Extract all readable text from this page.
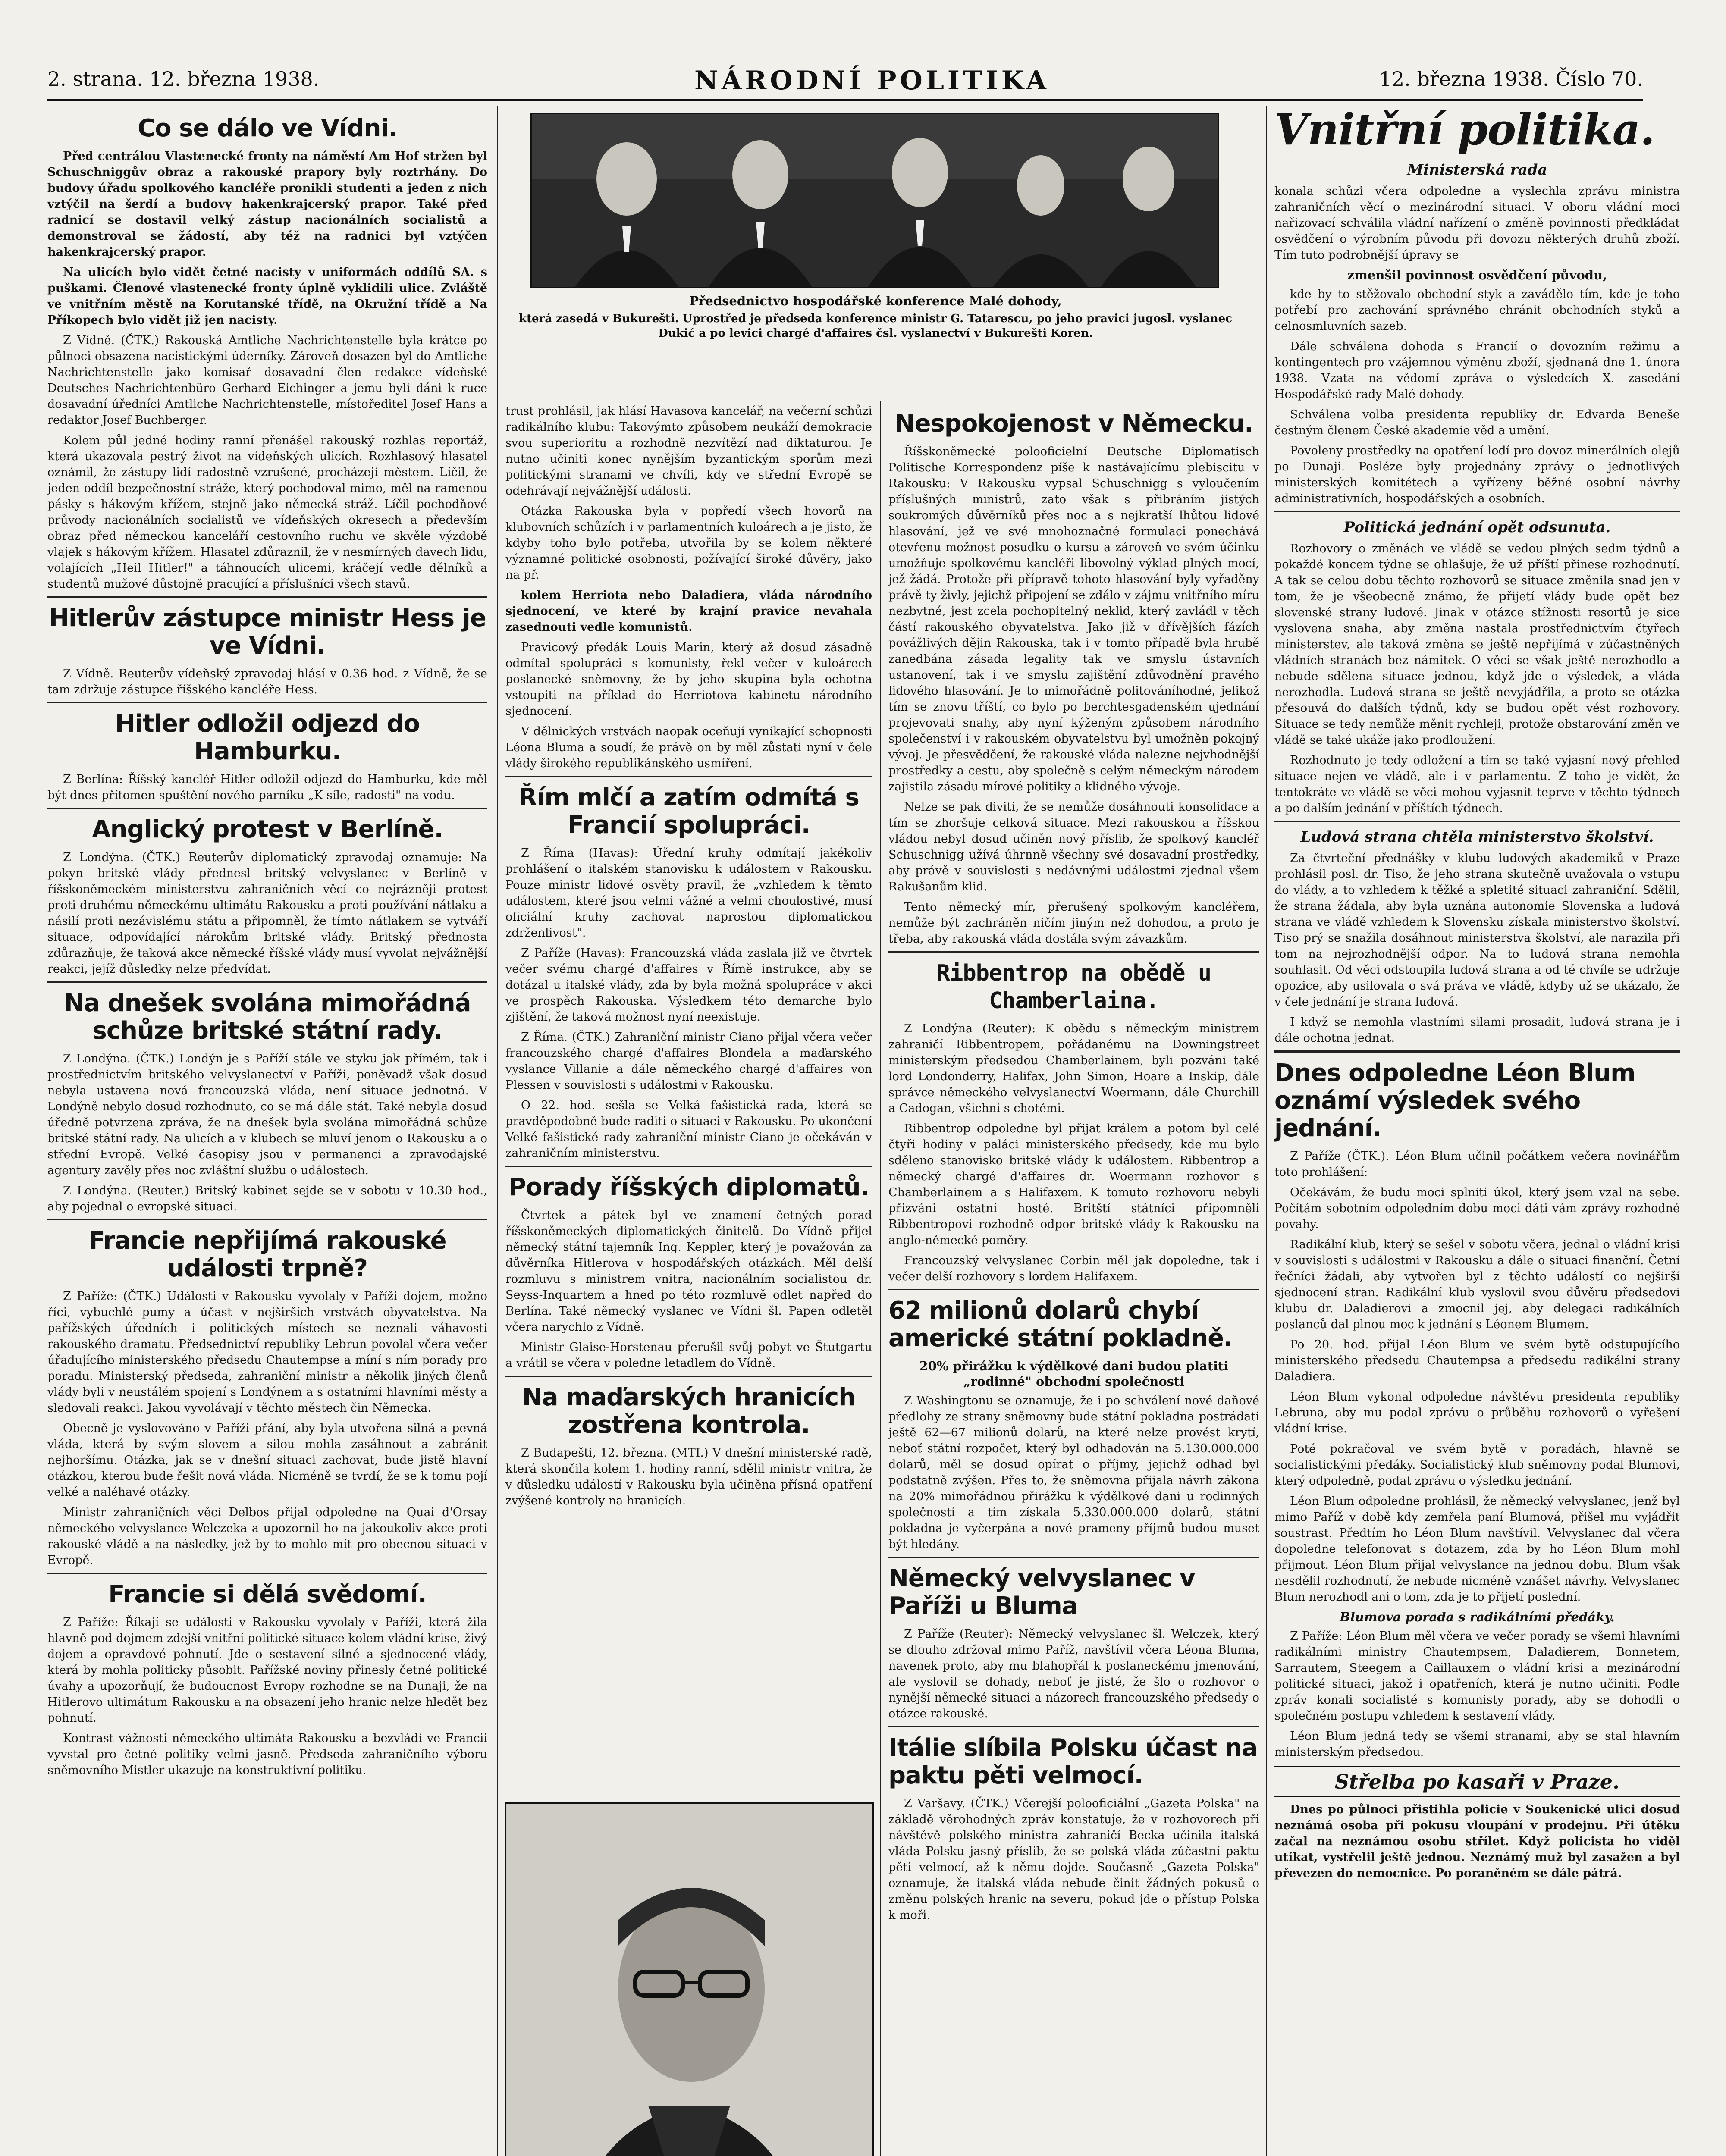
2. strana. 12. března 1938.	NÁRODNÍ POLITIKA	12. března 1938. Číslo 70.
Co se dálo ve Vídni.

Před centrálou Vlastenecké fronty na náměstí Am Hof stržen byl Schuschniggův obraz a rakouské prapory byly roztrhány. Do budovy úřadu spolkového kancléře pronikli studenti a jeden z nich vztýčil na šerdí a budovy hakenkrajcerský prapor. Také před radnicí se dostavil velký zástup nacionálních socialistů a demonstroval se žádostí, aby též na radnici byl vztýčen hakenkrajcerský prapor.

Na ulicích bylo vidět četné nacisty v uniformách oddílů SA. s puškami. Členové vlastenecké fronty úplně vyklidili ulice. Zvláště ve vnitřním městě na Korutanské třídě, na Okružní třídě a Na Příkopech bylo vidět již jen nacisty.

Z Vídně. (ČTK.) Rakouská Amtliche Nachrichtenstelle byla krátce po půlnoci obsazena nacistickými úderníky. Zároveň dosazen byl do Amtliche Nachrichtenstelle jako komisař dosavadní člen redakce vídeňské Deutsches Nachrichtenbüro Gerhard Eichinger a jemu byli dáni k ruce dosavadní úředníci Amtliche Nachrichtenstelle, místoředitel Josef Hans a redaktor Josef Buchberger.

Kolem půl jedné hodiny ranní přenášel rakouský rozhlas reportáž, která ukazovala pestrý život na vídeňských ulicích. Rozhlasový hlasatel oznámil, že zástupy lidí radostně vzrušené, procházejí městem. Líčil, že jeden oddíl bezpečnostní stráže, který pochodoval mimo, měl na ramenou pásky s hákovým křížem, stejně jako německá stráž. Líčil pochodňové průvody nacionálních socialistů ve vídeňských okresech a především obraz před německou kanceláří cestovního ruchu ve skvěle výzdobě vlajek s hákovým křížem. Hlasatel zdůraznil, že v nesmírných davech lidu, volajících „Heil Hitler!" a táhnoucích ulicemi, kráčejí vedle dělníků a studentů mužové důstojně pracující a příslušníci všech stavů.

Hitlerův zástupce ministr Hess je ve Vídni.

Z Vídně. Reuterův vídeňský zpravodaj hlásí v 0.36 hod. z Vídně, že se tam zdržuje zástupce říšského kancléře Hess.

Hitler odložil odjezd do Hamburku.

Z Berlína: Říšský kancléř Hitler odložil odjezd do Hamburku, kde měl být dnes přítomen spuštění nového parníku „K síle, radosti" na vodu.

Anglický protest v Berlíně.

Z Londýna. (ČTK.) Reuterův diplomatický zpravodaj oznamuje: Na pokyn britské vlády přednesl britský velvyslanec v Berlíně v říšskoněmeckém ministerstvu zahraničních věcí co nejrázněji protest proti druhému německému ultimátu Rakousku a proti používání nátlaku a násilí proti nezávislému státu a připomněl, že tímto nátlakem se vytváří situace, odpovídající nárokům britské vlády. Britský přednosta zdůrazňuje, že taková akce německé říšské vlády musí vyvolat nejvážnější reakci, jejíž důsledky nelze předvídat.

Na dnešek svolána mimořádná schůze britské státní rady.

Z Londýna. (ČTK.) Londýn je s Paříží stále ve styku jak přímém, tak i prostřednictvím britského velvyslanectví v Paříži, poněvadž však dosud nebyla ustavena nová francouzská vláda, není situace jednotná. V Londýně nebylo dosud rozhodnuto, co se má dále stát. Také nebyla dosud úředně potvrzena zpráva, že na dnešek byla svolána mimořádná schůze britské státní rady. Na ulicích a v klubech se mluví jenom o Rakousku a o střední Evropě. Velké časopisy jsou v permanenci a zpravodajské agentury zavěly přes noc zvláštní službu o událostech.

Z Londýna. (Reuter.) Britský kabinet sejde se v sobotu v 10.30 hod., aby pojednal o evropské situaci.

Francie nepřijímá rakouské události trpně?

Z Paříže: (ČTK.) Události v Rakousku vyvolaly v Paříži dojem, možno říci, vybuchlé pumy a účast v nejširších vrstvách obyvatelstva. Na pařížských úředních i politických místech se neznali váhavosti rakouského dramatu. Předsednictví republiky Lebrun povolal včera večer úřadujícího ministerského předsedu Chautempse a míní s ním porady pro poradu. Ministerský předseda, zahraniční ministr a několik jiných členů vlády byli v neustálém spojení s Londýnem a s ostatními hlavními městy a sledovali reakci. Jakou vyvolávají v těchto městech čin Německa.

Obecně je vyslovováno v Paříži přání, aby byla utvořena silná a pevná vláda, která by svým slovem a silou mohla zasáhnout a zabránit nejhoršímu. Otázka, jak se v dnešní situaci zachovat, bude jistě hlavní otázkou, kterou bude řešit nová vláda. Nicméně se tvrdí, že se k tomu pojí velké a naléhavé otázky.

Ministr zahraničních věcí Delbos přijal odpoledne na Quai d'Orsay německého velvyslance Welczeka a upozornil ho na jakoukoliv akce proti rakouské vládě a na následky, jež by to mohlo mít pro obecnou situaci v Evropě.

Francie si dělá svědomí.

Z Paříže: Říkají se události v Rakousku vyvolaly v Paříži, která žila hlavně pod dojmem zdejší vnitřní politické situace kolem vládní krise, živý dojem a opravdové pohnutí. Jde o sestavení silné a sjednocené vlády, která by mohla politicky působit. Pařížské noviny přinesly četné politické úvahy a upozorňují, že budoucnost Evropy rozhodne se na Dunaji, že na Hitlerovo ultimátum Rakousku a na obsazení jeho hranic nelze hledět bez pohnutí.

Kontrast vážnosti německého ultimáta Rakousku a bezvládí ve Francii vyvstal pro četné politiky velmi jasně. Předseda zahraničního výboru sněmovního Mistler ukazuje na konstruktivní politiku.

Předsednictvo hospodářské konference Malé dohody,
která zasedá v Bukurešti. Uprostřed je předseda konference ministr G. Tatarescu, po jeho pravici jugosl. vyslanec Dukić a po levici chargé d'affaires čsl. vyslanectví v Bukurešti Koren.

trust prohlásil, jak hlásí Havasova kancelář, na večerní schůzi radikálního klubu: Takovýmto způsobem neukáží demokracie svou superioritu a rozhodně nezvítězí nad diktaturou. Je nutno učiniti konec nynějším byzantickým sporům mezi politickými stranami ve chvíli, kdy ve střední Evropě se odehrávají nejvážnější události.

Otázka Rakouska byla v popředí všech hovorů na klubovních schůzích i v parlamentních kuloárech a je jisto, že kdyby toho bylo potřeba, utvořila by se kolem některé významné politické osobnosti, požívající široké důvěry, jako na př.

kolem Herriota nebo Daladiera, vláda národního sjednocení, ve které by krajní pravice nevahala zasednouti vedle komunistů.

Pravicový předák Louis Marin, který až dosud zásadně odmítal spolupráci s komunisty, řekl večer v kuloárech poslanecké sněmovny, že by jeho skupina byla ochotna vstoupiti na příklad do Herriotova kabinetu národního sjednocení.

V dělnických vrstvách naopak oceňují vynikající schopnosti Léona Bluma a soudí, že právě on by měl zůstati nyní v čele vlády širokého republikánského usmíření.

Řím mlčí a zatím odmítá s Francií spolupráci.

Z Říma (Havas): Úřední kruhy odmítají jakékoliv prohlášení o italském stanovisku k událostem v Rakousku. Pouze ministr lidové osvěty pravil, že „vzhledem k těmto událostem, které jsou velmi vážné a velmi choulostivé, musí oficiální kruhy zachovat naprostou diplomatickou zdrženlivost".

Z Paříže (Havas): Francouzská vláda zaslala již ve čtvrtek večer svému chargé d'affaires v Římě instrukce, aby se dotázal u italské vlády, zda by byla možná spolupráce v akci ve prospěch Rakouska. Výsledkem této demarche bylo zjištění, že taková možnost nyní neexistuje.

Z Říma. (ČTK.) Zahraniční ministr Ciano přijal včera večer francouzského chargé d'affaires Blondela a maďarského vyslance Villanie a dále německého chargé d'affaires von Plessen v souvislosti s událostmi v Rakousku.

O 22. hod. sešla se Velká fašistická rada, která se pravděpodobně bude raditi o situaci v Rakousku. Po ukončení Velké fašistické rady zahraniční ministr Ciano je očekáván v zahraničním ministerstvu.

Porady říšských diplomatů.

Čtvrtek a pátek byl ve znamení četných porad říšskoněmeckých diplomatických činitelů. Do Vídně přijel německý státní tajemník Ing. Keppler, který je považován za důvěrníka Hitlerova v hospodářských otázkách. Měl delší rozmluvu s ministrem vnitra, nacionálním socialistou dr. Seyss-Inquartem a hned po této rozmluvě odlet napřed do Berlína. Také německý vyslanec ve Vídni šl. Papen odletěl včera narychlo z Vídně.

Ministr Glaise-Horstenau přerušil svůj pobyt ve Štutgartu a vrátil se včera v poledne letadlem do Vídně.

Na maďarských hranicích zostřena kontrola.

Z Budapešti, 12. března. (MTI.) V dnešní ministerské radě, která skončila kolem 1. hodiny ranní, sdělil ministr vnitra, že v důsledku událostí v Rakousku byla učiněna přísná opatření zvýšené kontroly na hranicích.

Nespokojenost v Německu.

Říšskoněmecké polooficielní Deutsche Diplomatisch Politische Korrespondenz píše k nastávajícímu plebiscitu v Rakousku: V Rakousku vypsal Schuschnigg s vyloučením příslušných ministrů, zato však s přibráním jistých soukromých důvěrníků přes noc a s nejkratší lhůtou lidové hlasování, jež ve své mnohoznačné formulaci ponechává otevřenu možnost posudku o kursu a zároveň ve svém účinku umožňuje spolkovému kancléři libovolný výklad plných mocí, jež žádá. Protože při přípravě tohoto hlasování byly vyřaděny právě ty živly, jejichž připojení se zdálo v zájmu vnitřního míru nezbytné, jest zcela pochopitelný neklid, který zavládl v těch částí rakouského obyvatelstva. Jako již v dřívějších fázích povážlivých dějin Rakouska, tak i v tomto případě byla hrubě zanedbána zásada legality tak ve smyslu ústavních ustanovení, tak i ve smyslu zajištění zdůvodnění pravého lidového hlasování. Je to mimořádně politováníhodné, jelikož tím se znovu tříští, co bylo po berchtesgadenském ujednání projevovati snahy, aby nyní kýženým způsobem národního společenství i v rakouském obyvatelstvu byl umožněn pokojný vývoj. Je přesvědčení, že rakouské vláda nalezne nejvhodnější prostředky a cestu, aby společně s celým německým národem zajistila zásadu mírové politiky a klidného vývoje.

Nelze se pak diviti, že se nemůže dosáhnouti konsolidace a tím se zhoršuje celková situace. Mezi rakouskou a říšskou vládou nebyl dosud učiněn nový příslib, že spolkový kancléř Schuschnigg užívá úhrnně všechny své dosavadní prostředky, aby právě v souvislosti s nedávnými událostmi zjednal všem Rakušanům klid.

Tento německý mír, přerušený spolkovým kancléřem, nemůže být zachráněn ničím jiným než dohodou, a proto je třeba, aby rakouská vláda dostála svým závazkům.

Ribbentrop na obědě u Chamberlaina.

Z Londýna (Reuter): K obědu s německým ministrem zahraničí Ribbentropem, pořádanému na Downingstreet ministerským předsedou Chamberlainem, byli pozváni také lord Londonderry, Halifax, John Simon, Hoare a Inskip, dále správce německého velvyslanectví Woermann, dále Churchill a Cadogan, všichni s chotěmi.

Ribbentrop odpoledne byl přijat králem a potom byl celé čtyři hodiny v paláci ministerského předsedy, kde mu bylo sděleno stanovisko britské vlády k událostem. Ribbentrop a německý chargé d'affaires dr. Woermann rozhovor s Chamberlainem a s Halifaxem. K tomuto rozhovoru nebyli přizváni ostatní hosté. Britští státníci připomněli Ribbentropovi rozhodně odpor britské vlády k Rakousku na anglo-německé poměry.

Francouzský velvyslanec Corbin měl jak dopoledne, tak i večer delší rozhovory s lordem Halifaxem.

62 milionů dolarů chybí americké státní pokladně.
20% přirážku k výdělkové dani budou platiti „rodinné" obchodní společnosti

Z Washingtonu se oznamuje, že i po schválení nové daňové předlohy ze strany sněmovny bude státní pokladna postrádati ještě 62—67 milionů dolarů, na které nelze provést krytí, neboť státní rozpočet, který byl odhadován na 5.130.000.000 dolarů, měl se dosud opírat o příjmy, jejichž odhad byl podstatně zvýšen. Přes to, že sněmovna přijala návrh zákona na 20% mimořádnou přirážku k výdělkové dani u rodinných společností a tím získala 5.330.000.000 dolarů, státní pokladna je vyčerpána a nové prameny příjmů budou muset být hledány.

Německý velvyslanec v Paříži u Bluma

Z Paříže (Reuter): Německý velvyslanec šl. Welczek, který se dlouho zdržoval mimo Paříž, navštívil včera Léona Bluma, navenek proto, aby mu blahopřál k poslaneckému jmenování, ale vyslovil se dohady, neboť je jisté, že šlo o rozhovor o nynější německé situaci a názorech francouzského předsedy o otázce rakouské.

Itálie slíbila Polsku účast na paktu pěti velmocí.

Z Varšavy. (ČTK.) Včerejší polooficiální „Gazeta Polska" na základě věrohodných zpráv konstatuje, že v rozhovorech při návštěvě polského ministra zahraničí Becka učinila italská vláda Polsku jasný příslib, že se polská vláda zúčastní paktu pěti velmocí, až k němu dojde. Současně „Gazeta Polska" oznamuje, že italská vláda nebude činit žádných pokusů o změnu polských hranic na severu, pokud jde o přístup Polska k moři.

Vnitřní politika.
Ministerská rada

konala schůzi včera odpoledne a vyslechla zprávu ministra zahraničních věcí o mezinárodní situaci. V oboru vládní moci nařizovací schválila vládní nařízení o změně povinnosti předkládat osvědčení o výrobním původu při dovozu některých druhů zboží. Tím tuto podrobnější úpravy se

zmenšil povinnost osvědčení původu,

kde by to stěžovalo obchodní styk a zavádělo tím, kde je toho potřebí pro zachování správného chránit obchodních styků a celnosmluvních sazeb.

Dále schválena dohoda s Francií o dovozním režimu a kontingentech pro vzájemnou výměnu zboží, sjednaná dne 1. února 1938. Vzata na vědomí zpráva o výsledcích X. zasedání Hospodářské rady Malé dohody.

Schválena volba presidenta republiky dr. Edvarda Beneše čestným členem České akademie věd a umění.

Povoleny prostředky na opatření lodí pro dovoz minerálních olejů po Dunaji. Posléze byly projednány zprávy o jednotlivých ministerských komitétech a vyřízeny běžné osobní návrhy administrativních, hospodářských a osobních.

Politická jednání opět odsunuta.

Rozhovory o změnách ve vládě se vedou plných sedm týdnů a pokaždé koncem týdne se ohlašuje, že už příští přinese rozhodnutí. A tak se celou dobu těchto rozhovorů se situace změnila snad jen v tom, že je všeobecně známo, že přijetí vlády bude opět bez slovenské strany ludové. Jinak v otázce stížnosti resortů je sice vyslovena snaha, aby změna nastala prostřednictvím čtyřech ministerstev, ale taková změna se ještě nepřijímá v zúčastněných vládních stranách bez námitek. O věci se však ještě nerozhodlo a nebude sdělena situace jednou, když jde o výsledek, a vláda nerozhodla. Ludová strana se ještě nevyjádřila, a proto se otázka přesouvá do dalších týdnů, kdy se budou opět vést rozhovory. Situace se tedy nemůže měnit rychleji, protože obstarování změn ve vládě se také ukáže jako prodloužení.

Rozhodnuto je tedy odložení a tím se také vyjasní nový přehled situace nejen ve vládě, ale i v parlamentu. Z toho je vidět, že tentokráte ve vládě se věci mohou vyjasnit teprve v těchto týdnech a po dalším jednání v příštích týdnech.

Ludová strana chtěla ministerstvo školství.

Za čtvrteční přednášky v klubu ludových akademiků v Praze prohlásil posl. dr. Tiso, že jeho strana skutečně uvažovala o vstupu do vlády, a to vzhledem k těžké a spletité situaci zahraniční. Sdělil, že strana žádala, aby byla uznána autonomie Slovenska a ludová strana ve vládě vzhledem k Slovensku získala ministerstvo školství. Tiso prý se snažila dosáhnout ministerstva školství, ale narazila při tom na nejrozhodnější odpor. Na to ludová strana nemohla souhlasit. Od věci odstoupila ludová strana a od té chvíle se udržuje opozice, aby usilovala o svá práva ve vládě, kdyby už se ukázalo, že v čele jednání je strana ludová.

I když se nemohla vlastními silami prosadit, ludová strana je i dále ochotna jednat.

Dnes odpoledne Léon Blum oznámí výsledek svého jednání.

Z Paříže (ČTK.). Léon Blum učinil počátkem večera novinářům toto prohlášení:

Očekávám, že budu moci splniti úkol, který jsem vzal na sebe. Počítám sobotním odpoledním dobu moci dáti vám zprávy rozhodné povahy.

Radikální klub, který se sešel v sobotu včera, jednal o vládní krisi v souvislosti s událostmi v Rakousku a dále o situaci finanční. Četní řečníci žádali, aby vytvořen byl z těchto událostí co nejširší sjednocení stran. Radikální klub vyslovil svou důvěru předsedovi klubu dr. Daladierovi a zmocnil jej, aby delegaci radikálních poslanců dal plnou moc k jednání s Léonem Blumem.

Po 20. hod. přijal Léon Blum ve svém bytě odstupujícího ministerského předsedu Chautempsa a předsedu radikální strany Daladiera.

Léon Blum vykonal odpoledne návštěvu presidenta republiky Lebruna, aby mu podal zprávu o průběhu rozhovorů o vyřešení vládní krise.

Poté pokračoval ve svém bytě v poradách, hlavně se socialistickými předáky. Socialistický klub sněmovny podal Blumovi, který odpoledně, podat zprávu o výsledku jednání.

Léon Blum odpoledne prohlásil, že německý velvyslanec, jenž byl mimo Paříž v době kdy zemřela paní Blumová, přišel mu vyjádřit soustrast. Předtím ho Léon Blum navštívil. Velvyslanec dal včera dopoledne telefonovat s dotazem, zda by ho Léon Blum mohl přijmout. Léon Blum přijal velvyslance na jednou dobu. Blum však nesdělil rozhodnutí, že nebude nicméně vznášet návrhy. Velvyslanec Blum nerozhodl ani o tom, zda je to přijetí poslední.

Blumova porada s radikálními předáky.

Z Paříže: Léon Blum měl včera ve večer porady se všemi hlavními radikálními ministry Chautempsem, Daladierem, Bonnetem, Sarrautem, Steegem a Caillauxem o vládní krisi a mezinárodní politické situaci, jakož i opatřeních, která je nutno učiniti. Podle zpráv konali socialisté s komunisty porady, aby se dohodli o společném postupu vzhledem k sestavení vlády.

Léon Blum jedná tedy se všemi stranami, aby se stal hlavním ministerským předsedou.

Střelba po kasaři v Praze.

Dnes po půlnoci přistihla policie v Soukenické ulici dosud neznámá osoba při pokusu vloupání v prodejnu. Při útěku začal na neznámou osobu střílet. Když policista ho viděl utíkat, vystřelil ještě jednou. Neznámý muž byl zasažen a byl převezen do nemocnice. Po poraněném se dále pátrá.
